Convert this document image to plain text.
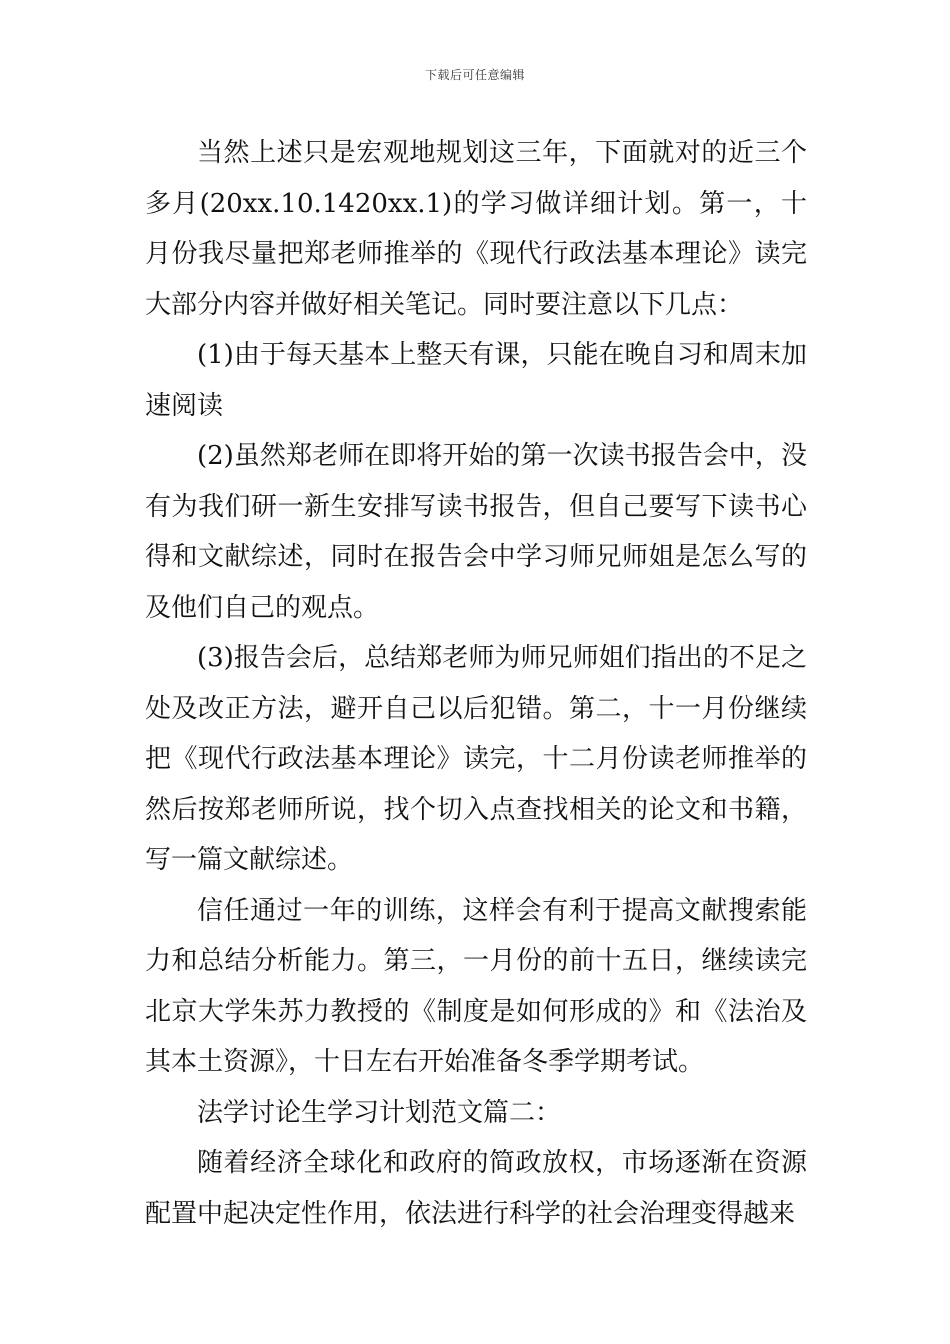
下载后可任意编辑

当然上述只是宏观地规划这三年，下面就对的近三个多月(20xx.10.1420xx.1)的学习做详细计划。第一，十月份我尽量把郑老师推举的《现代行政法基本理论》读完大部分内容并做好相关笔记。同时要注意以下几点：

(1)由于每天基本上整天有课，只能在晚自习和周末加速阅读

(2)虽然郑老师在即将开始的第一次读书报告会中，没有为我们研一新生安排写读书报告，但自己要写下读书心得和文献综述，同时在报告会中学习师兄师姐是怎么写的及他们自己的观点。

(3)报告会后，总结郑老师为师兄师姐们指出的不足之处及改正方法，避开自己以后犯错。第二，十一月份继续把《现代行政法基本理论》读完，十二月份读老师推举的然后按郑老师所说，找个切入点查找相关的论文和书籍，写一篇文献综述。

信任通过一年的训练，这样会有利于提高文献搜索能力和总结分析能力。第三，一月份的前十五日，继续读完北京大学朱苏力教授的《制度是如何形成的》和《法治及其本土资源》，十日左右开始准备冬季学期考试。

法学讨论生学习计划范文篇二：

随着经济全球化和政府的简政放权，市场逐渐在资源配置中起决定性作用，依法进行科学的社会治理变得越来
